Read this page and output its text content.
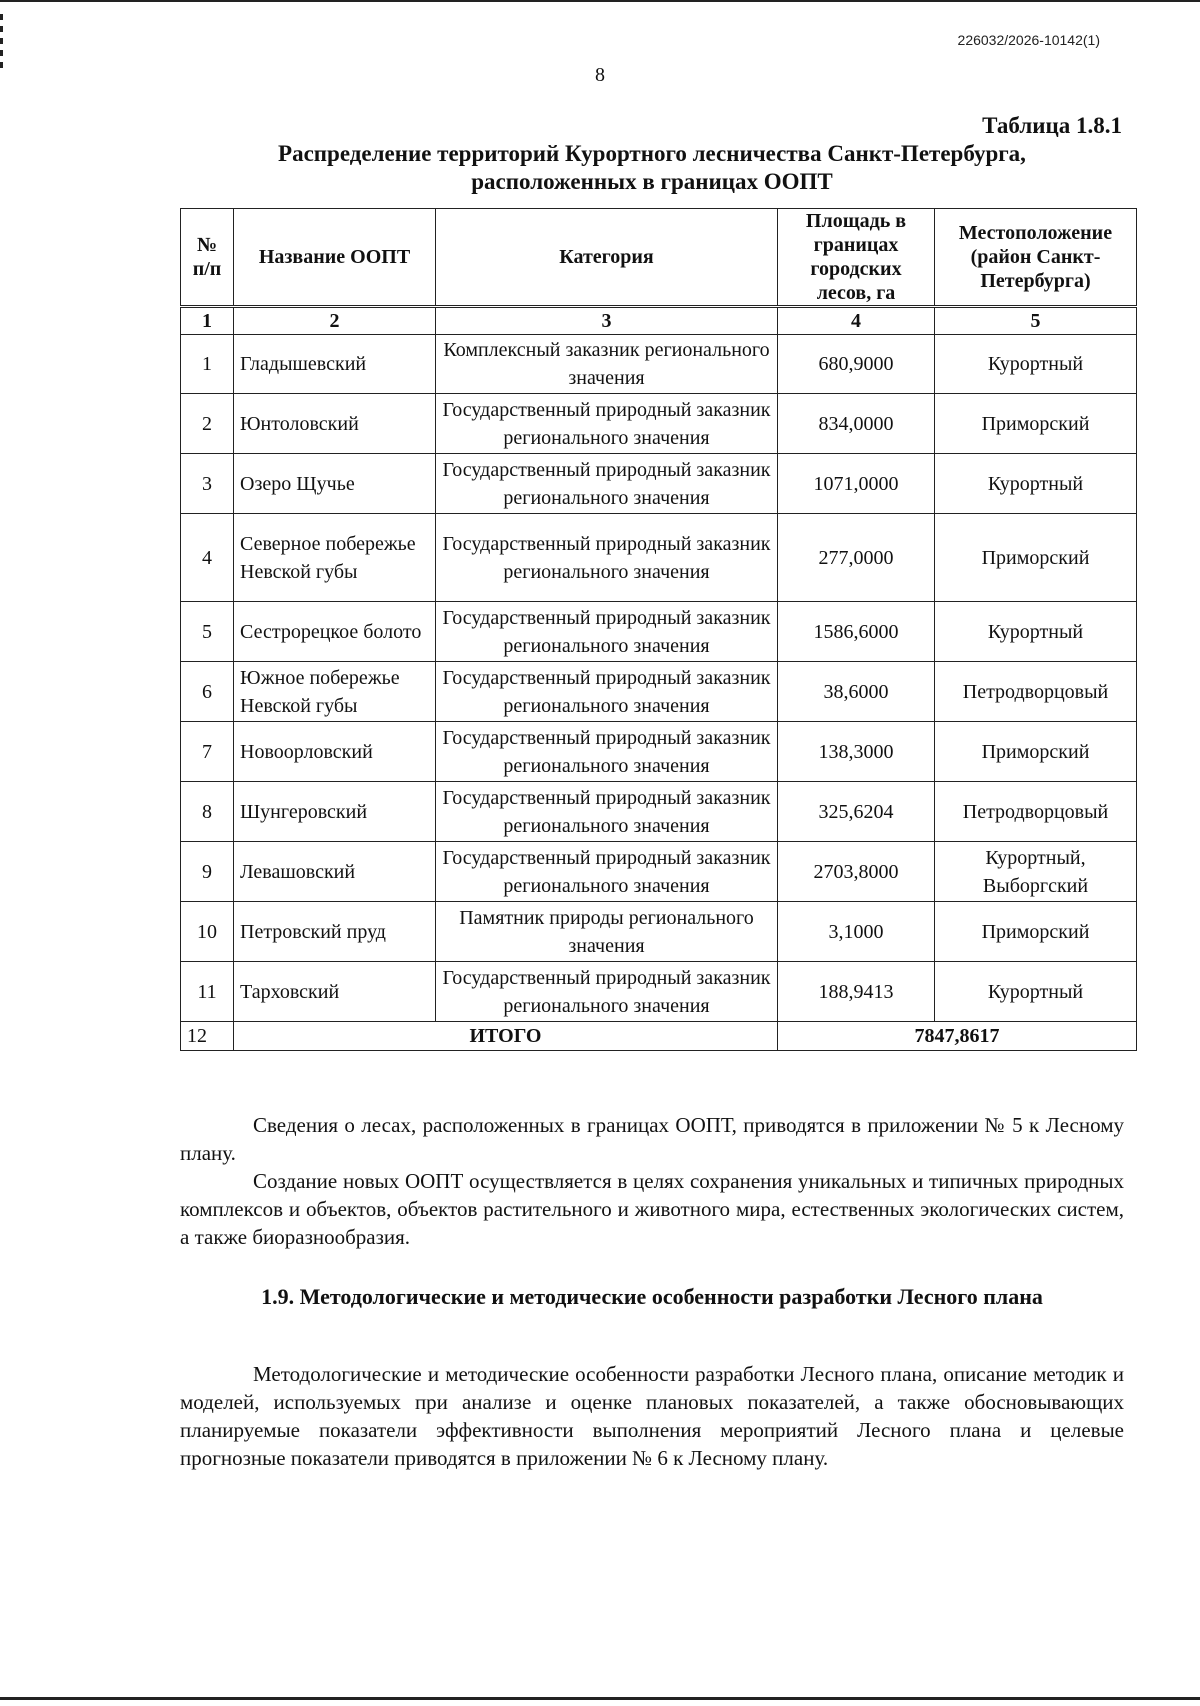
226032/2026-10142(1)
8
Таблица 1.8.1
Распределение территорий Курортного лесничества Санкт-Петербурга,
расположенных в границах ООПТ
№ п/п	Название ООПТ	Категория	Площадь в границах городских лесов, га	Местоположение (район Санкт-Петербурга)
1	2	3	4	5
1	Гладышевский	Комплексный заказник регионального значения	680,9000	Курортный
2	Юнтоловский	Государственный природный заказник регионального значения	834,0000	Приморский
3	Озеро Щучье	Государственный природный заказник регионального значения	1071,0000	Курортный
4	Северное побережье Невской губы	Государственный природный заказник регионального значения	277,0000	Приморский
5	Сестрорецкое болото	Государственный природный заказник регионального значения	1586,6000	Курортный
6	Южное побережье Невской губы	Государственный природный заказник регионального значения	38,6000	Петродворцовый
7	Новоорловский	Государственный природный заказник регионального значения	138,3000	Приморский
8	Шунгеровский	Государственный природный заказник регионального значения	325,6204	Петродворцовый
9	Левашовский	Государственный природный заказник регионального значения	2703,8000	Курортный, Выборгский
10	Петровский пруд	Памятник природы регионального значения	3,1000	Приморский
11	Тарховский	Государственный природный заказник регионального значения	188,9413	Курортный
12	ИТОГО		7847,8617	

Сведения о лесах, расположенных в границах ООПТ, приводятся в приложении № 5 к Лесному плану.

Создание новых ООПТ осуществляется в целях сохранения уникальных и типичных природных комплексов и объектов, объектов растительного и животного мира, естественных экологических систем, а также биоразнообразия.

1.9. Методологические и методические особенности разработки Лесного плана

Методологические и методические особенности разработки Лесного плана, описание методик и моделей, используемых при анализе и оценке плановых показателей, а также обосновывающих планируемые показатели эффективности выполнения мероприятий Лесного плана и целевые прогнозные показатели приводятся в приложении № 6 к Лесному плану.
